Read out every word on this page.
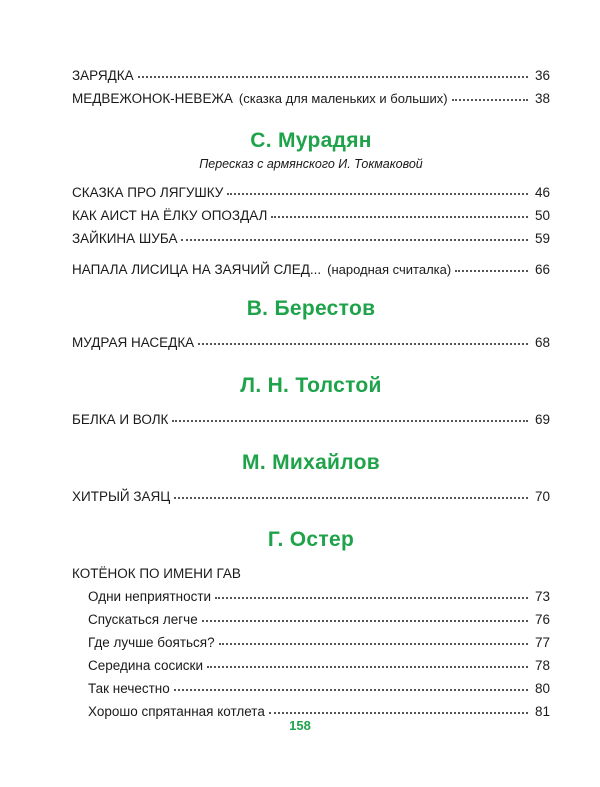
ЗАРЯДКА	36
МЕДВЕЖОНОК-НЕВЕЖА (сказка для маленьких и больших)	38
С. Мурадян
Пересказ с армянского И. Токмаковой
СКАЗКА ПРО ЛЯГУШКУ	46
КАК АИСТ НА ЁЛКУ ОПОЗДАЛ	50
ЗАЙКИНА ШУБА	59
НАПАЛА ЛИСИЦА НА ЗАЯЧИЙ СЛЕД... (народная считалка)	66
В. Берестов
МУДРАЯ НАСЕДКА	68
Л. Н. Толстой
БЕЛКА И ВОЛК	69
М. Михайлов
ХИТРЫЙ ЗАЯЦ	70
Г. Остер
КОТЁНОК ПО ИМЕНИ ГАВ
Одни неприятности	73
Спускаться легче	76
Где лучше бояться?	77
Середина сосиски	78
Так нечестно	80
Хорошо спрятанная котлета	81
158
